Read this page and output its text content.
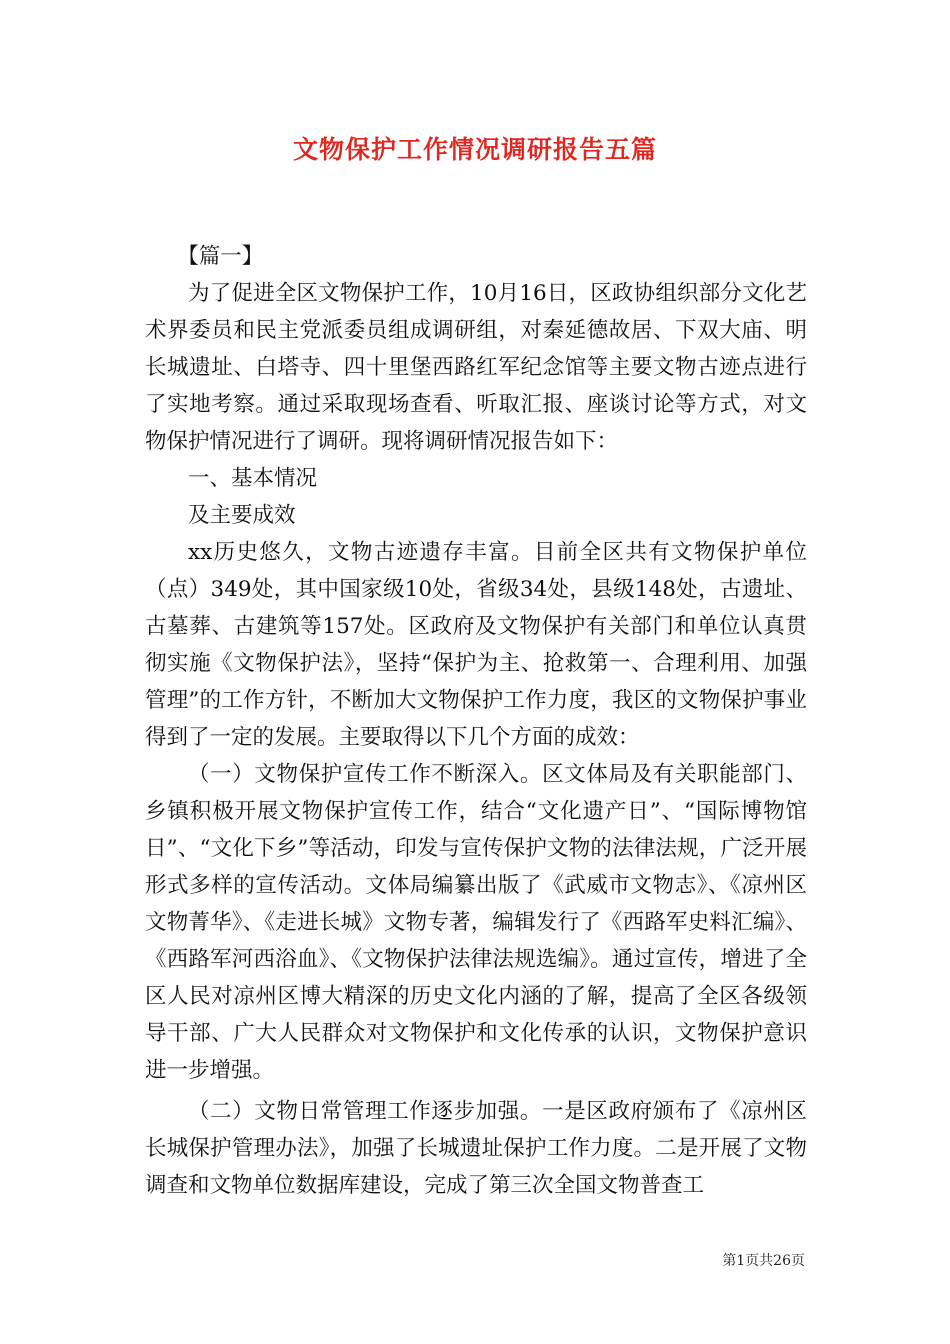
文物保护工作情况调研报告五篇

【篇一】

为了促进全区文物保护工作，10月16日，区政协组织部分文化艺术界委员和民主党派委员组成调研组，对秦延德故居、下双大庙、明长城遗址、白塔寺、四十里堡西路红军纪念馆等主要文物古迹点进行了实地考察。通过采取现场查看、听取汇报、座谈讨论等方式，对文物保护情况进行了调研。现将调研情况报告如下：

一、基本情况

及主要成效

xx历史悠久，文物古迹遗存丰富。目前全区共有文物保护单位（点）349处，其中国家级10处，省级34处，县级148处，古遗址、古墓葬、古建筑等157处。区政府及文物保护有关部门和单位认真贯彻实施《文物保护法》，坚持“保护为主、抢救第一、合理利用、加强管理”的工作方针，不断加大文物保护工作力度，我区的文物保护事业得到了一定的发展。主要取得以下几个方面的成效：

（一）文物保护宣传工作不断深入。区文体局及有关职能部门、乡镇积极开展文物保护宣传工作，结合“文化遗产日”、“国际博物馆日”、“文化下乡”等活动，印发与宣传保护文物的法律法规，广泛开展形式多样的宣传活动。文体局编纂出版了《武威市文物志》、《凉州区文物菁华》、《走进长城》文物专著，编辑发行了《西路军史料汇编》、《西路军河西浴血》、《文物保护法律法规选编》。通过宣传，增进了全区人民对凉州区博大精深的历史文化内涵的了解，提高了全区各级领导干部、广大人民群众对文物保护和文化传承的认识，文物保护意识进一步增强。

（二）文物日常管理工作逐步加强。一是区政府颁布了《凉州区长城保护管理办法》，加强了长城遗址保护工作力度。二是开展了文物调查和文物单位数据库建设，完成了第三次全国文物普查工

第1页共26页
